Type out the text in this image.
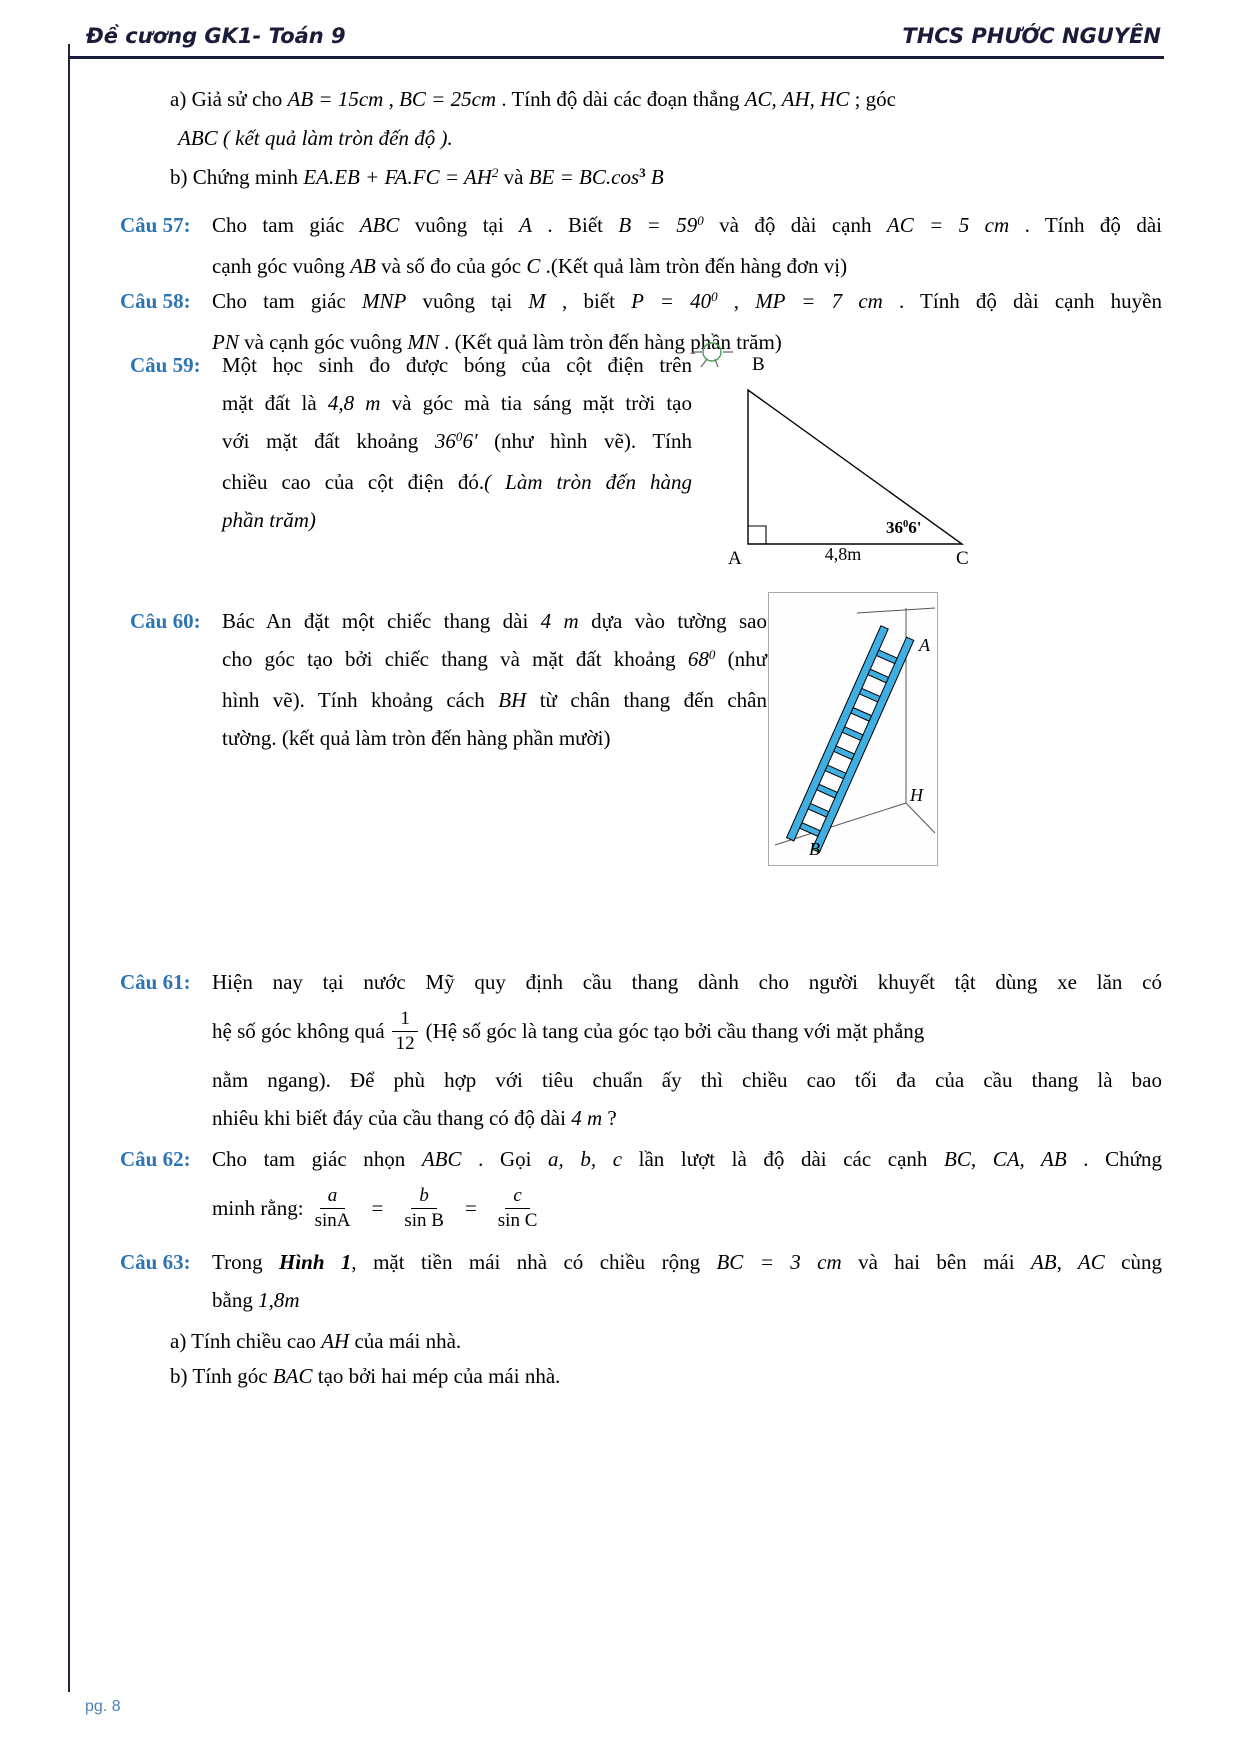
Đề cương GK1- Toán 9	THCS PHƯỚC NGUYÊN
a) Giả sử cho AB = 15cm , BC = 25cm . Tính độ dài các đoạn thẳng AC, AH, HC ; góc
ABC ( kết quả làm tròn đến độ ).
b) Chứng minh $EA.EB + FA.FC = AH^2$ và BE = $BC.\cos^3$ B
Câu 57: Cho tam giác ABC vuông tại A . Biết $B = 59^0$ và độ dài cạnh AC = 5 cm . Tính độ dài
cạnh góc vuông AB và số đo của góc C .(Kết quả làm tròn đến hàng đơn vị)
Câu 58: Cho tam giác MNP vuông tại M , biết $P = 40^0$ , MP = 7 cm . Tính độ dài cạnh huyền
PN và cạnh góc vuông MN . (Kết quả làm tròn đến hàng phần trăm)
Câu 59: Một học sinh đo được bóng của cột điện trên
mặt đất là 4,8 m và góc mà tia sáng mặt trời tạo
với mặt đất khoảng $36^06'$ (như hình vẽ). Tính
chiều cao của cột điện đó.( Làm tròn đến hàng
phần trăm)
B
A	C
4,8m
$36^06'$
Câu 60: Bác An đặt một chiếc thang dài 4 m dựa vào tường sao
cho góc tạo bởi chiếc thang và mặt đất khoảng $68^0$ (như
hình vẽ). Tính khoảng cách BH từ chân thang đến chân
tường. (kết quả làm tròn đến hàng phần mười)
A
H
B
Câu 61: Hiện nay tại nước Mỹ quy định cầu thang dành cho người khuyết tật dùng xe lăn có
hệ số góc không quá $\frac{1}{12}$ (Hệ số góc là tang của góc tạo bởi cầu thang với mặt phẳng
nằm ngang). Để phù hợp với tiêu chuẩn ấy thì chiều cao tối đa của cầu thang là bao
nhiêu khi biết đáy của cầu thang có độ dài 4 m ?
Câu 62: Cho tam giác nhọn ABC . Gọi a, b, c lần lượt là độ dài các cạnh BC, CA, AB . Chứng
minh rằng: $\frac{a}{\sin A} = \frac{b}{\text{sin B}} = \frac{c}{\text{sin C}}$
Câu 63: Trong Hình 1, mặt tiền mái nhà có chiều rộng BC = 3 cm và hai bên mái AB, AC cùng
bằng 1,8m
a) Tính chiều cao AH của mái nhà.
b) Tính góc BAC tạo bởi hai mép của mái nhà.
pg. 8
